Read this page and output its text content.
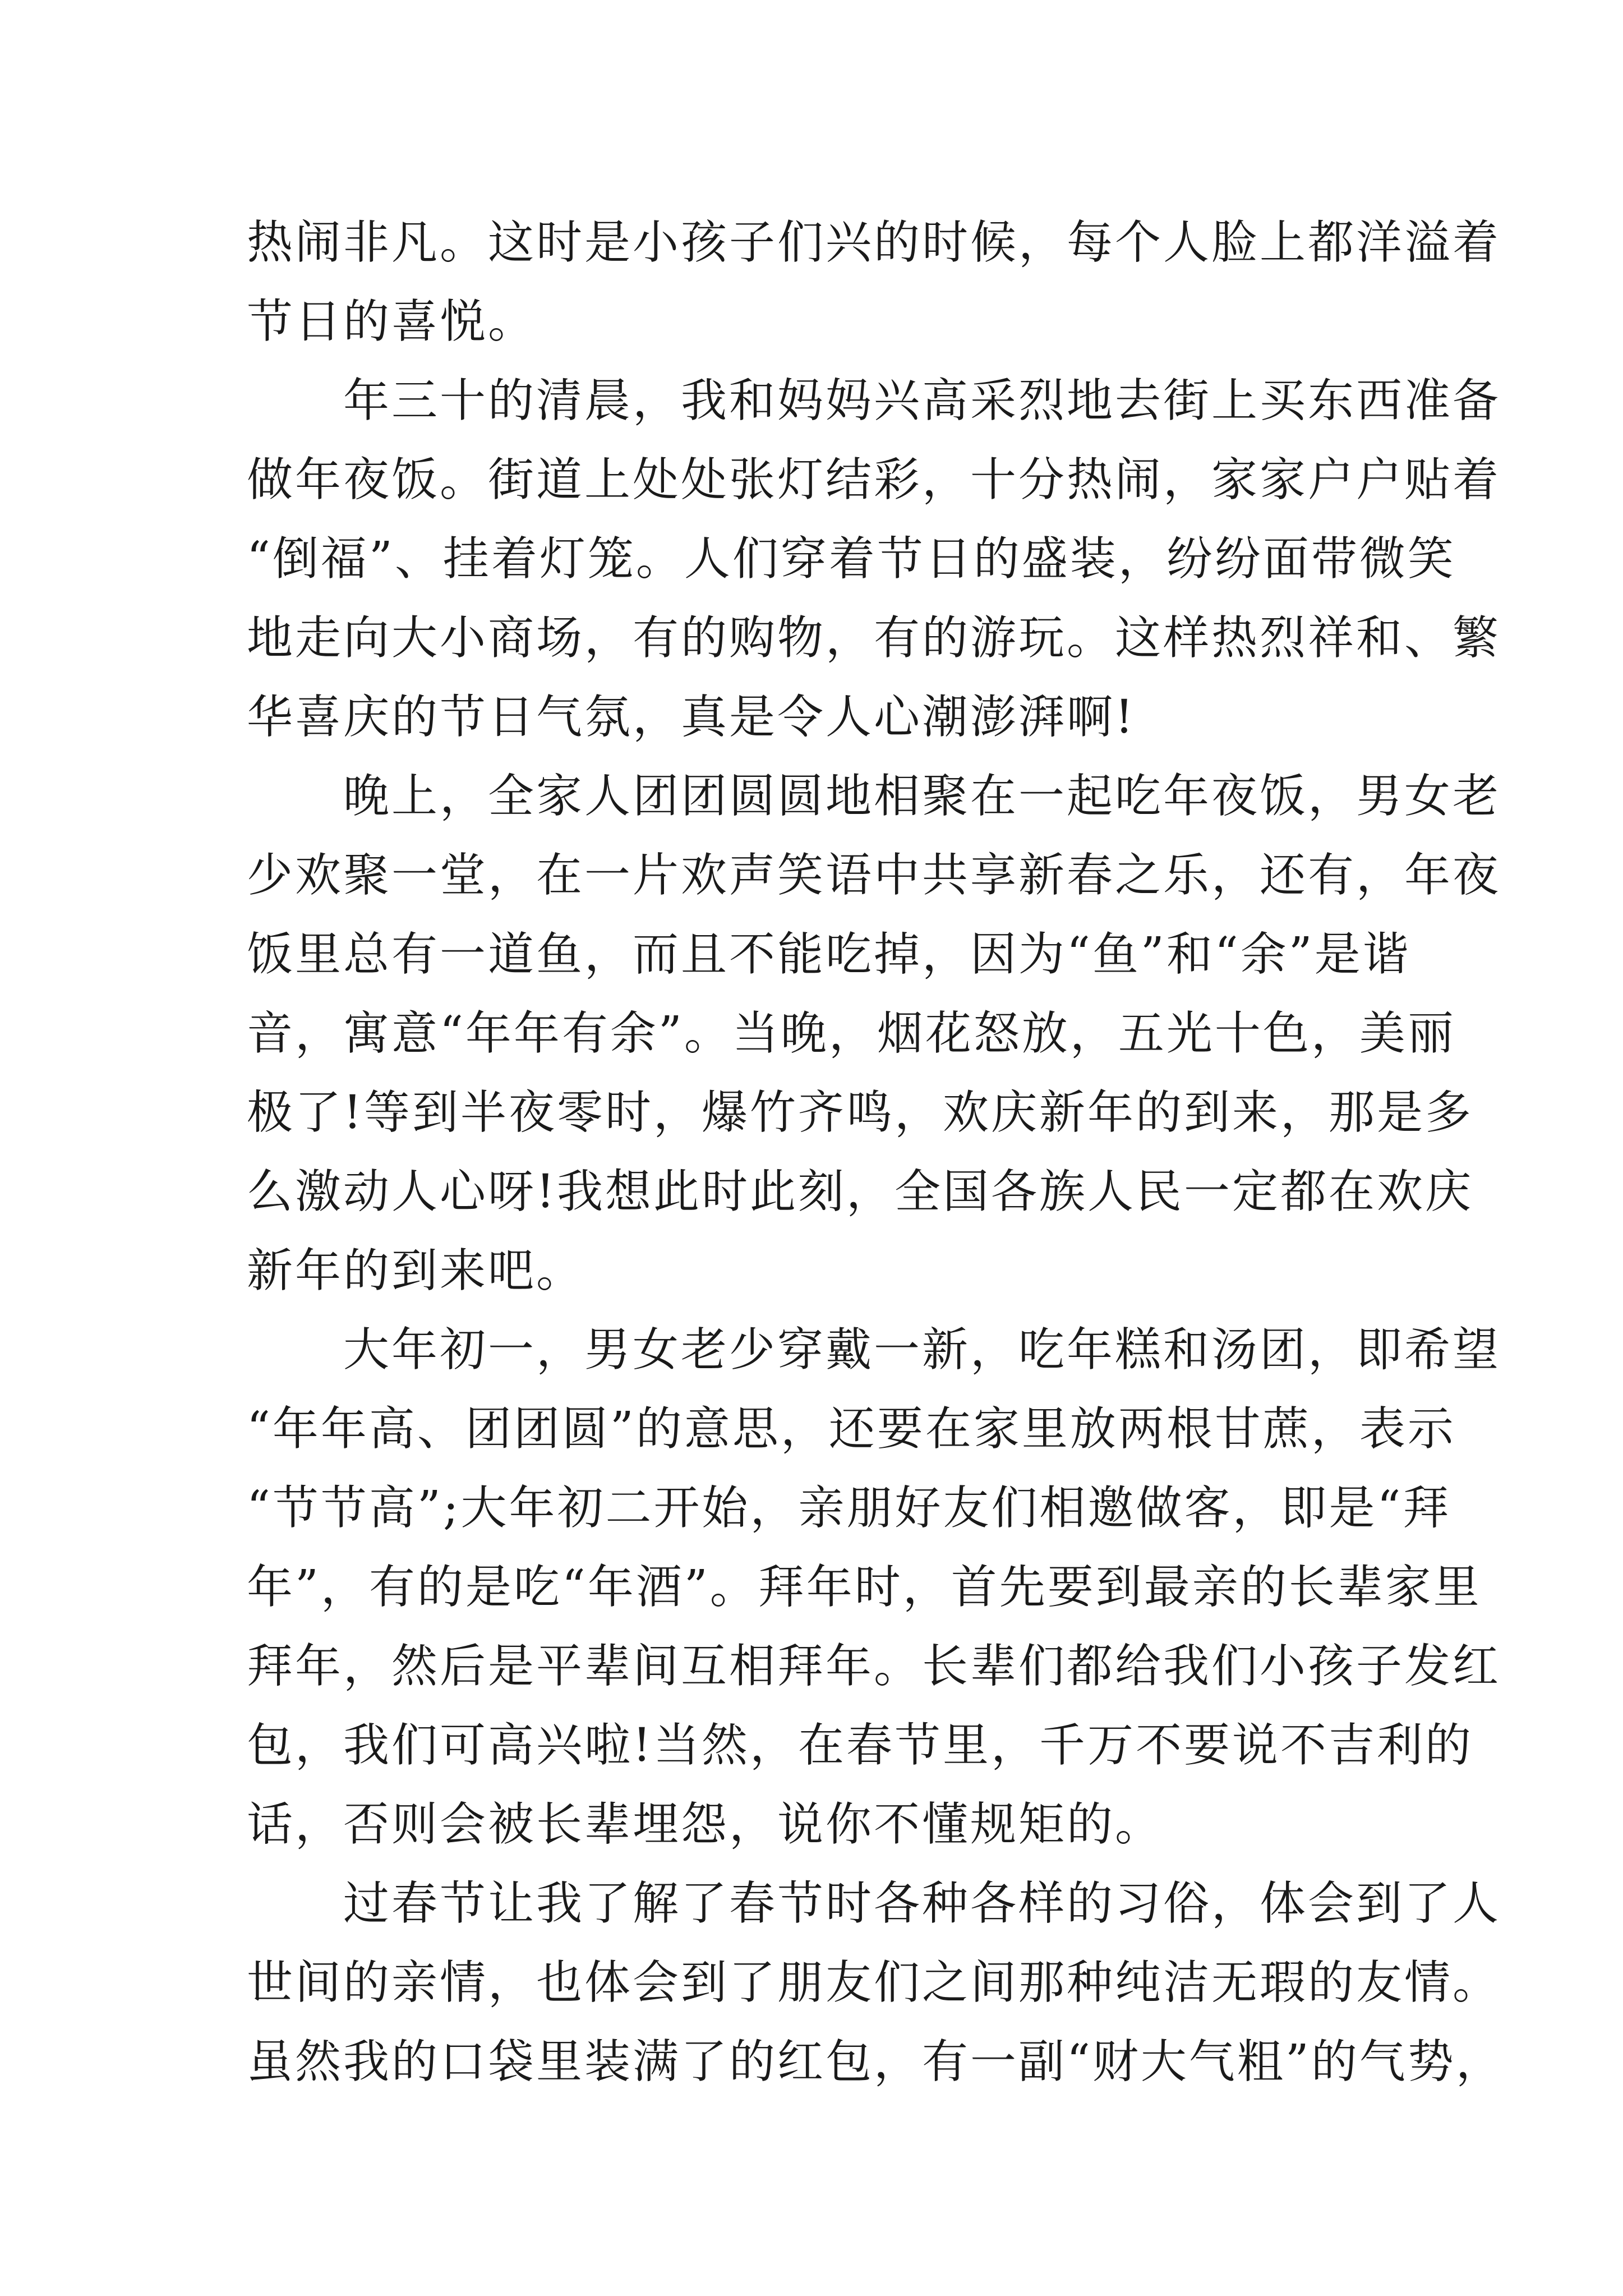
热闹非凡。这时是小孩子们兴的时候，每个人脸上都洋溢着
节日的喜悦。
　　年三十的清晨，我和妈妈兴高采烈地去街上买东西准备
做年夜饭。街道上处处张灯结彩，十分热闹，家家户户贴着
“倒福”、挂着灯笼。人们穿着节日的盛装，纷纷面带微笑
地走向大小商场，有的购物，有的游玩。这样热烈祥和、繁
华喜庆的节日气氛，真是令人心潮澎湃啊!
　　晚上，全家人团团圆圆地相聚在一起吃年夜饭，男女老
少欢聚一堂，在一片欢声笑语中共享新春之乐，还有，年夜
饭里总有一道鱼，而且不能吃掉，因为“鱼”和“余”是谐
音，寓意“年年有余”。当晚，烟花怒放，五光十色，美丽
极了!等到半夜零时，爆竹齐鸣，欢庆新年的到来，那是多
么激动人心呀!我想此时此刻，全国各族人民一定都在欢庆
新年的到来吧。
　　大年初一，男女老少穿戴一新，吃年糕和汤团，即希望
“年年高、团团圆”的意思，还要在家里放两根甘蔗，表示
“节节高”;大年初二开始，亲朋好友们相邀做客，即是“拜
年”，有的是吃“年酒”。拜年时，首先要到最亲的长辈家里
拜年，然后是平辈间互相拜年。长辈们都给我们小孩子发红
包，我们可高兴啦!当然，在春节里，千万不要说不吉利的
话，否则会被长辈埋怨，说你不懂规矩的。
　　过春节让我了解了春节时各种各样的习俗，体会到了人
世间的亲情，也体会到了朋友们之间那种纯洁无瑕的友情。
虽然我的口袋里装满了的红包，有一副“财大气粗”的气势，
